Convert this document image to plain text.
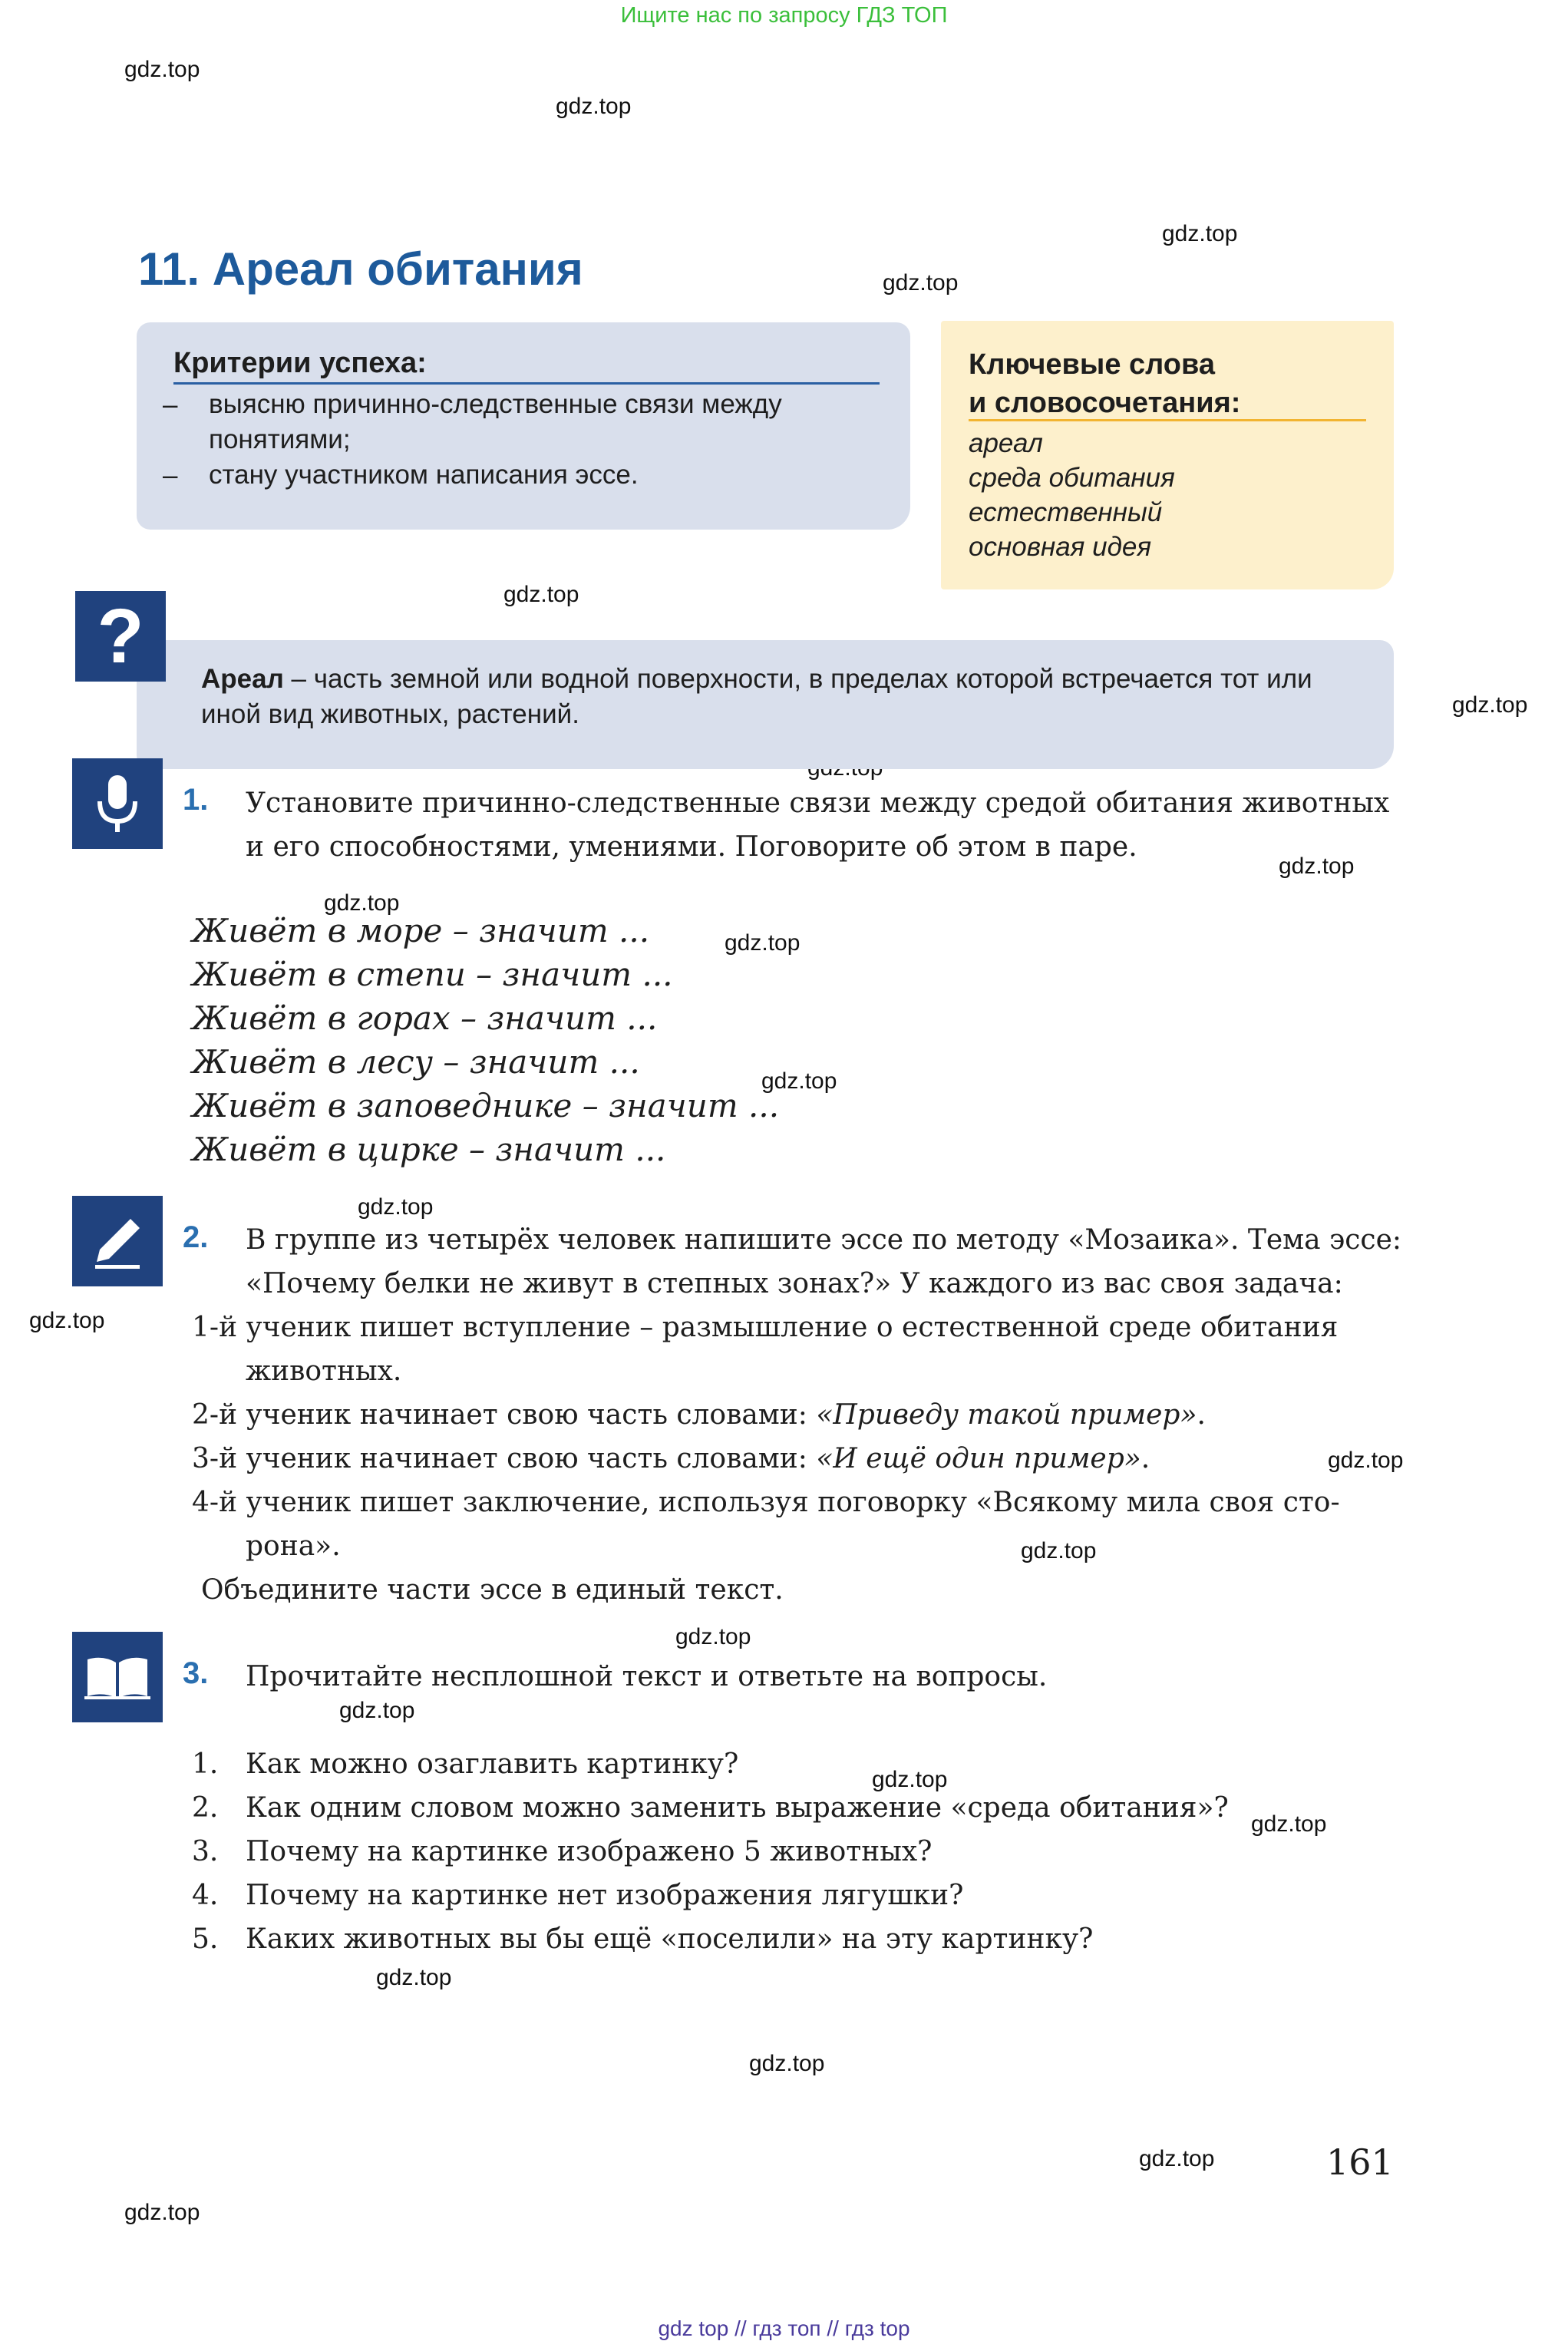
Ищите нас по запросу ГДЗ ТОП
gdz.top
gdz.top
gdz.top
gdz.top
gdz.top
gdz.top
gdz.top
gdz.top
gdz.top
gdz.top
gdz.top
gdz.top
gdz.top
gdz.top
gdz.top
gdz.top
gdz.top
gdz.top
gdz.top
gdz.top
gdz.top
gdz.top
11. Ареал обитания
Критерии успеха:
– выясню причинно-следственные связи между
понятиями;
– стану участником написания эссе.
Ключевые слова
и словосочетания:
ареал
среда обитания
естественный
основная идея
?	Ареал – часть земной или водной поверхности, в пределах которой встречается тот или иной вид животных, растений.
1. Установите причинно-следственные связи между средой обитания животных
и его способностями, умениями. Поговорите об этом в паре.
Живёт в море – значит ...
Живёт в степи – значит ...
Живёт в горах – значит ...
Живёт в лесу – значит ...
Живёт в заповеднике – значит ...
Живёт в цирке – значит ...
2. В группе из четырёх человек напишите эссе по методу «Мозаика». Тема эссе:
«Почему белки не живут в степных зонах?» У каждого из вас своя задача:
1-й ученик пишет вступление – размышление о естественной среде обитания
животных.
2-й ученик начинает свою часть словами: «Приведу такой пример».
3-й ученик начинает свою часть словами: «И ещё один пример».
4-й ученик пишет заключение, используя поговорку «Всякому мила своя сто-
рона».
Объедините части эссе в единый текст.
3. Прочитайте несплошной текст и ответьте на вопросы.
1. Как можно озаглавить картинку?
2. Как одним словом можно заменить выражение «среда обитания»?
3. Почему на картинке изображено 5 животных?
4. Почему на картинке нет изображения лягушки?
5. Каких животных вы бы ещё «поселили» на эту картинку?
161
gdz top // гдз топ // гдз top
